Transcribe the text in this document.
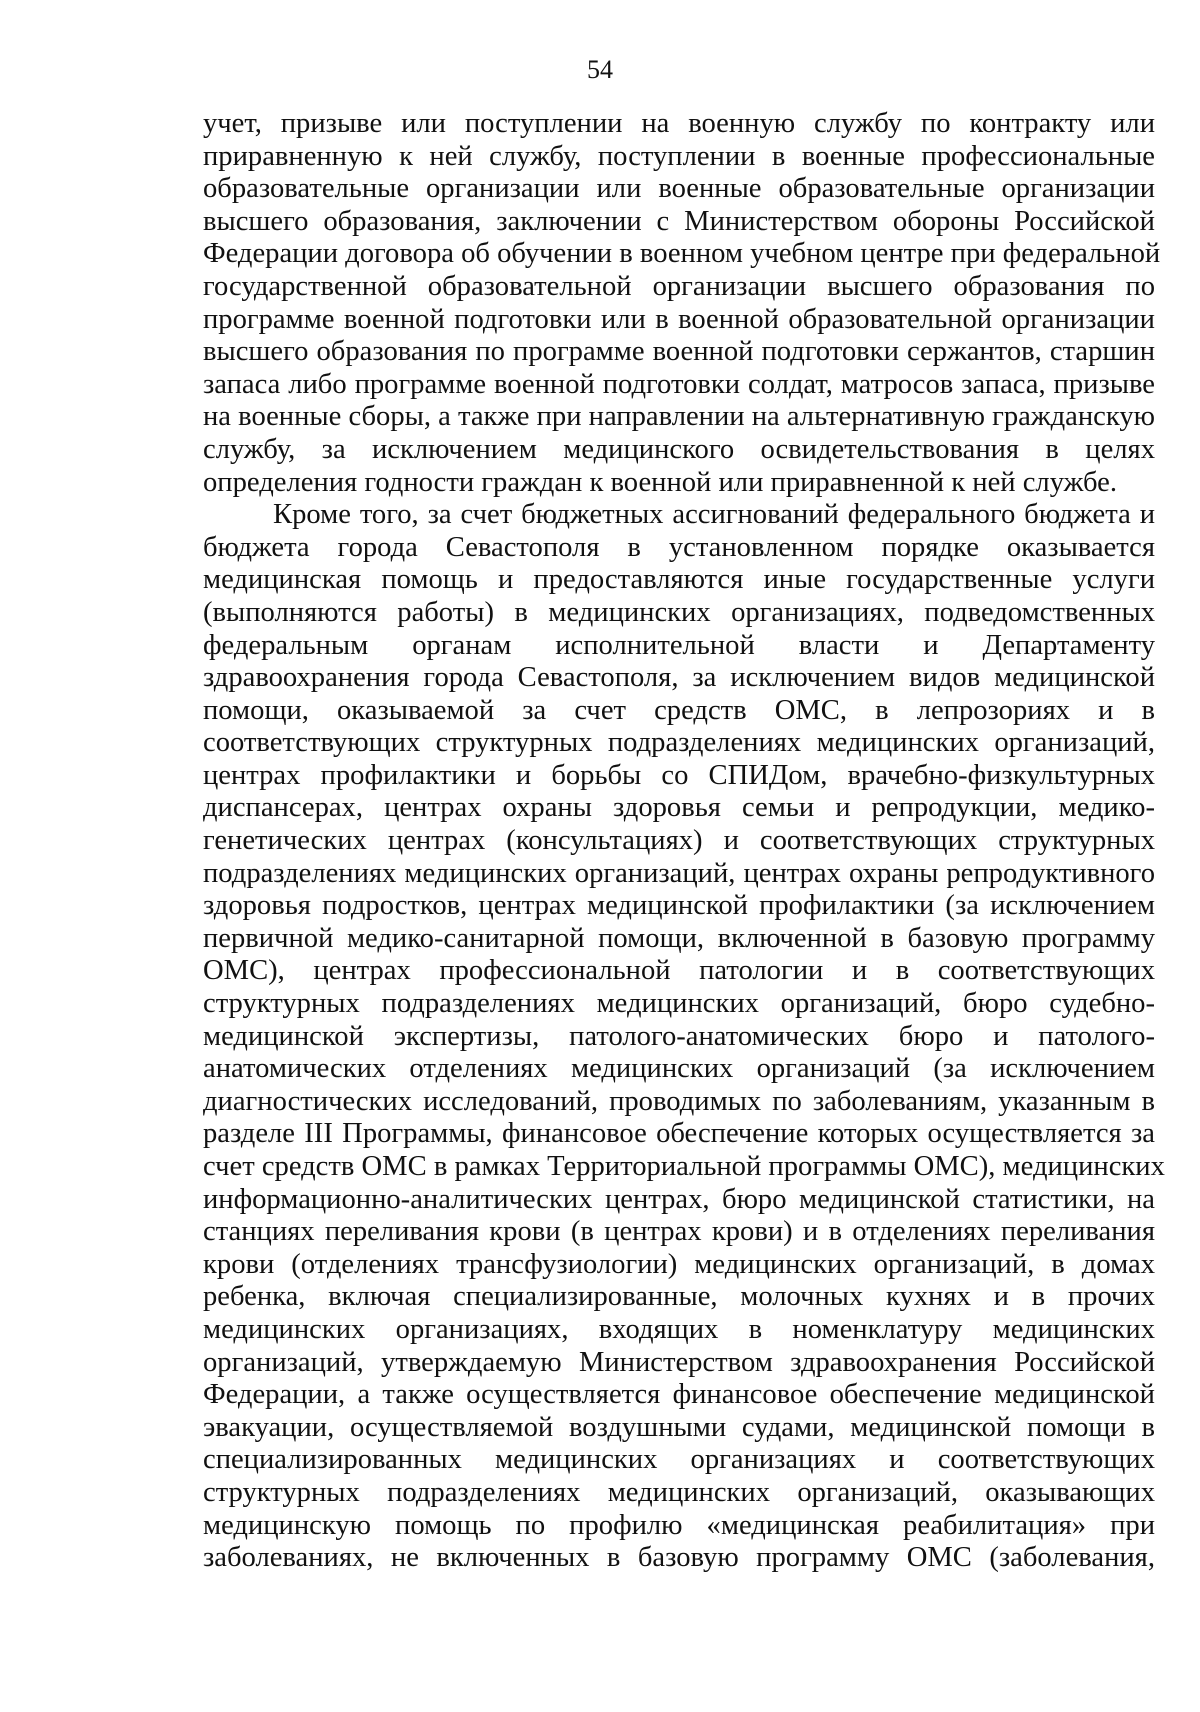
54
учет, призыве или поступлении на военную службу по контракту или
приравненную к ней службу, поступлении в военные профессиональные
образовательные организации или военные образовательные организации
высшего образования, заключении с Министерством обороны Российской
Федерации договора об обучении в военном учебном центре при федеральной
государственной образовательной организации высшего образования по
программе военной подготовки или в военной образовательной организации
высшего образования по программе военной подготовки сержантов, старшин
запаса либо программе военной подготовки солдат, матросов запаса, призыве
на военные сборы, а также при направлении на альтернативную гражданскую
службу, за исключением медицинского освидетельствования в целях
определения годности граждан к военной или приравненной к ней службе.
Кроме того, за счет бюджетных ассигнований федерального бюджета и
бюджета города Севастополя в установленном порядке оказывается
медицинская помощь и предоставляются иные государственные услуги
(выполняются работы) в медицинских организациях, подведомственных
федеральным органам исполнительной власти и Департаменту
здравоохранения города Севастополя, за исключением видов медицинской
помощи, оказываемой за счет средств ОМС, в лепрозориях и в
соответствующих структурных подразделениях медицинских организаций,
центрах профилактики и борьбы со СПИДом, врачебно-физкультурных
диспансерах, центрах охраны здоровья семьи и репродукции, медико-
генетических центрах (консультациях) и соответствующих структурных
подразделениях медицинских организаций, центрах охраны репродуктивного
здоровья подростков, центрах медицинской профилактики (за исключением
первичной медико-санитарной помощи, включенной в базовую программу
ОМС), центрах профессиональной патологии и в соответствующих
структурных подразделениях медицинских организаций, бюро судебно-
медицинской экспертизы, патолого-анатомических бюро и патолого-
анатомических отделениях медицинских организаций (за исключением
диагностических исследований, проводимых по заболеваниям, указанным в
разделе III Программы, финансовое обеспечение которых осуществляется за
счет средств ОМС в рамках Территориальной программы ОМС), медицинских
информационно-аналитических центрах, бюро медицинской статистики, на
станциях переливания крови (в центрах крови) и в отделениях переливания
крови (отделениях трансфузиологии) медицинских организаций, в домах
ребенка, включая специализированные, молочных кухнях и в прочих
медицинских организациях, входящих в номенклатуру медицинских
организаций, утверждаемую Министерством здравоохранения Российской
Федерации, а также осуществляется финансовое обеспечение медицинской
эвакуации, осуществляемой воздушными судами, медицинской помощи в
специализированных медицинских организациях и соответствующих
структурных подразделениях медицинских организаций, оказывающих
медицинскую помощь по профилю «медицинская реабилитация» при
заболеваниях, не включенных в базовую программу ОМС (заболевания,
